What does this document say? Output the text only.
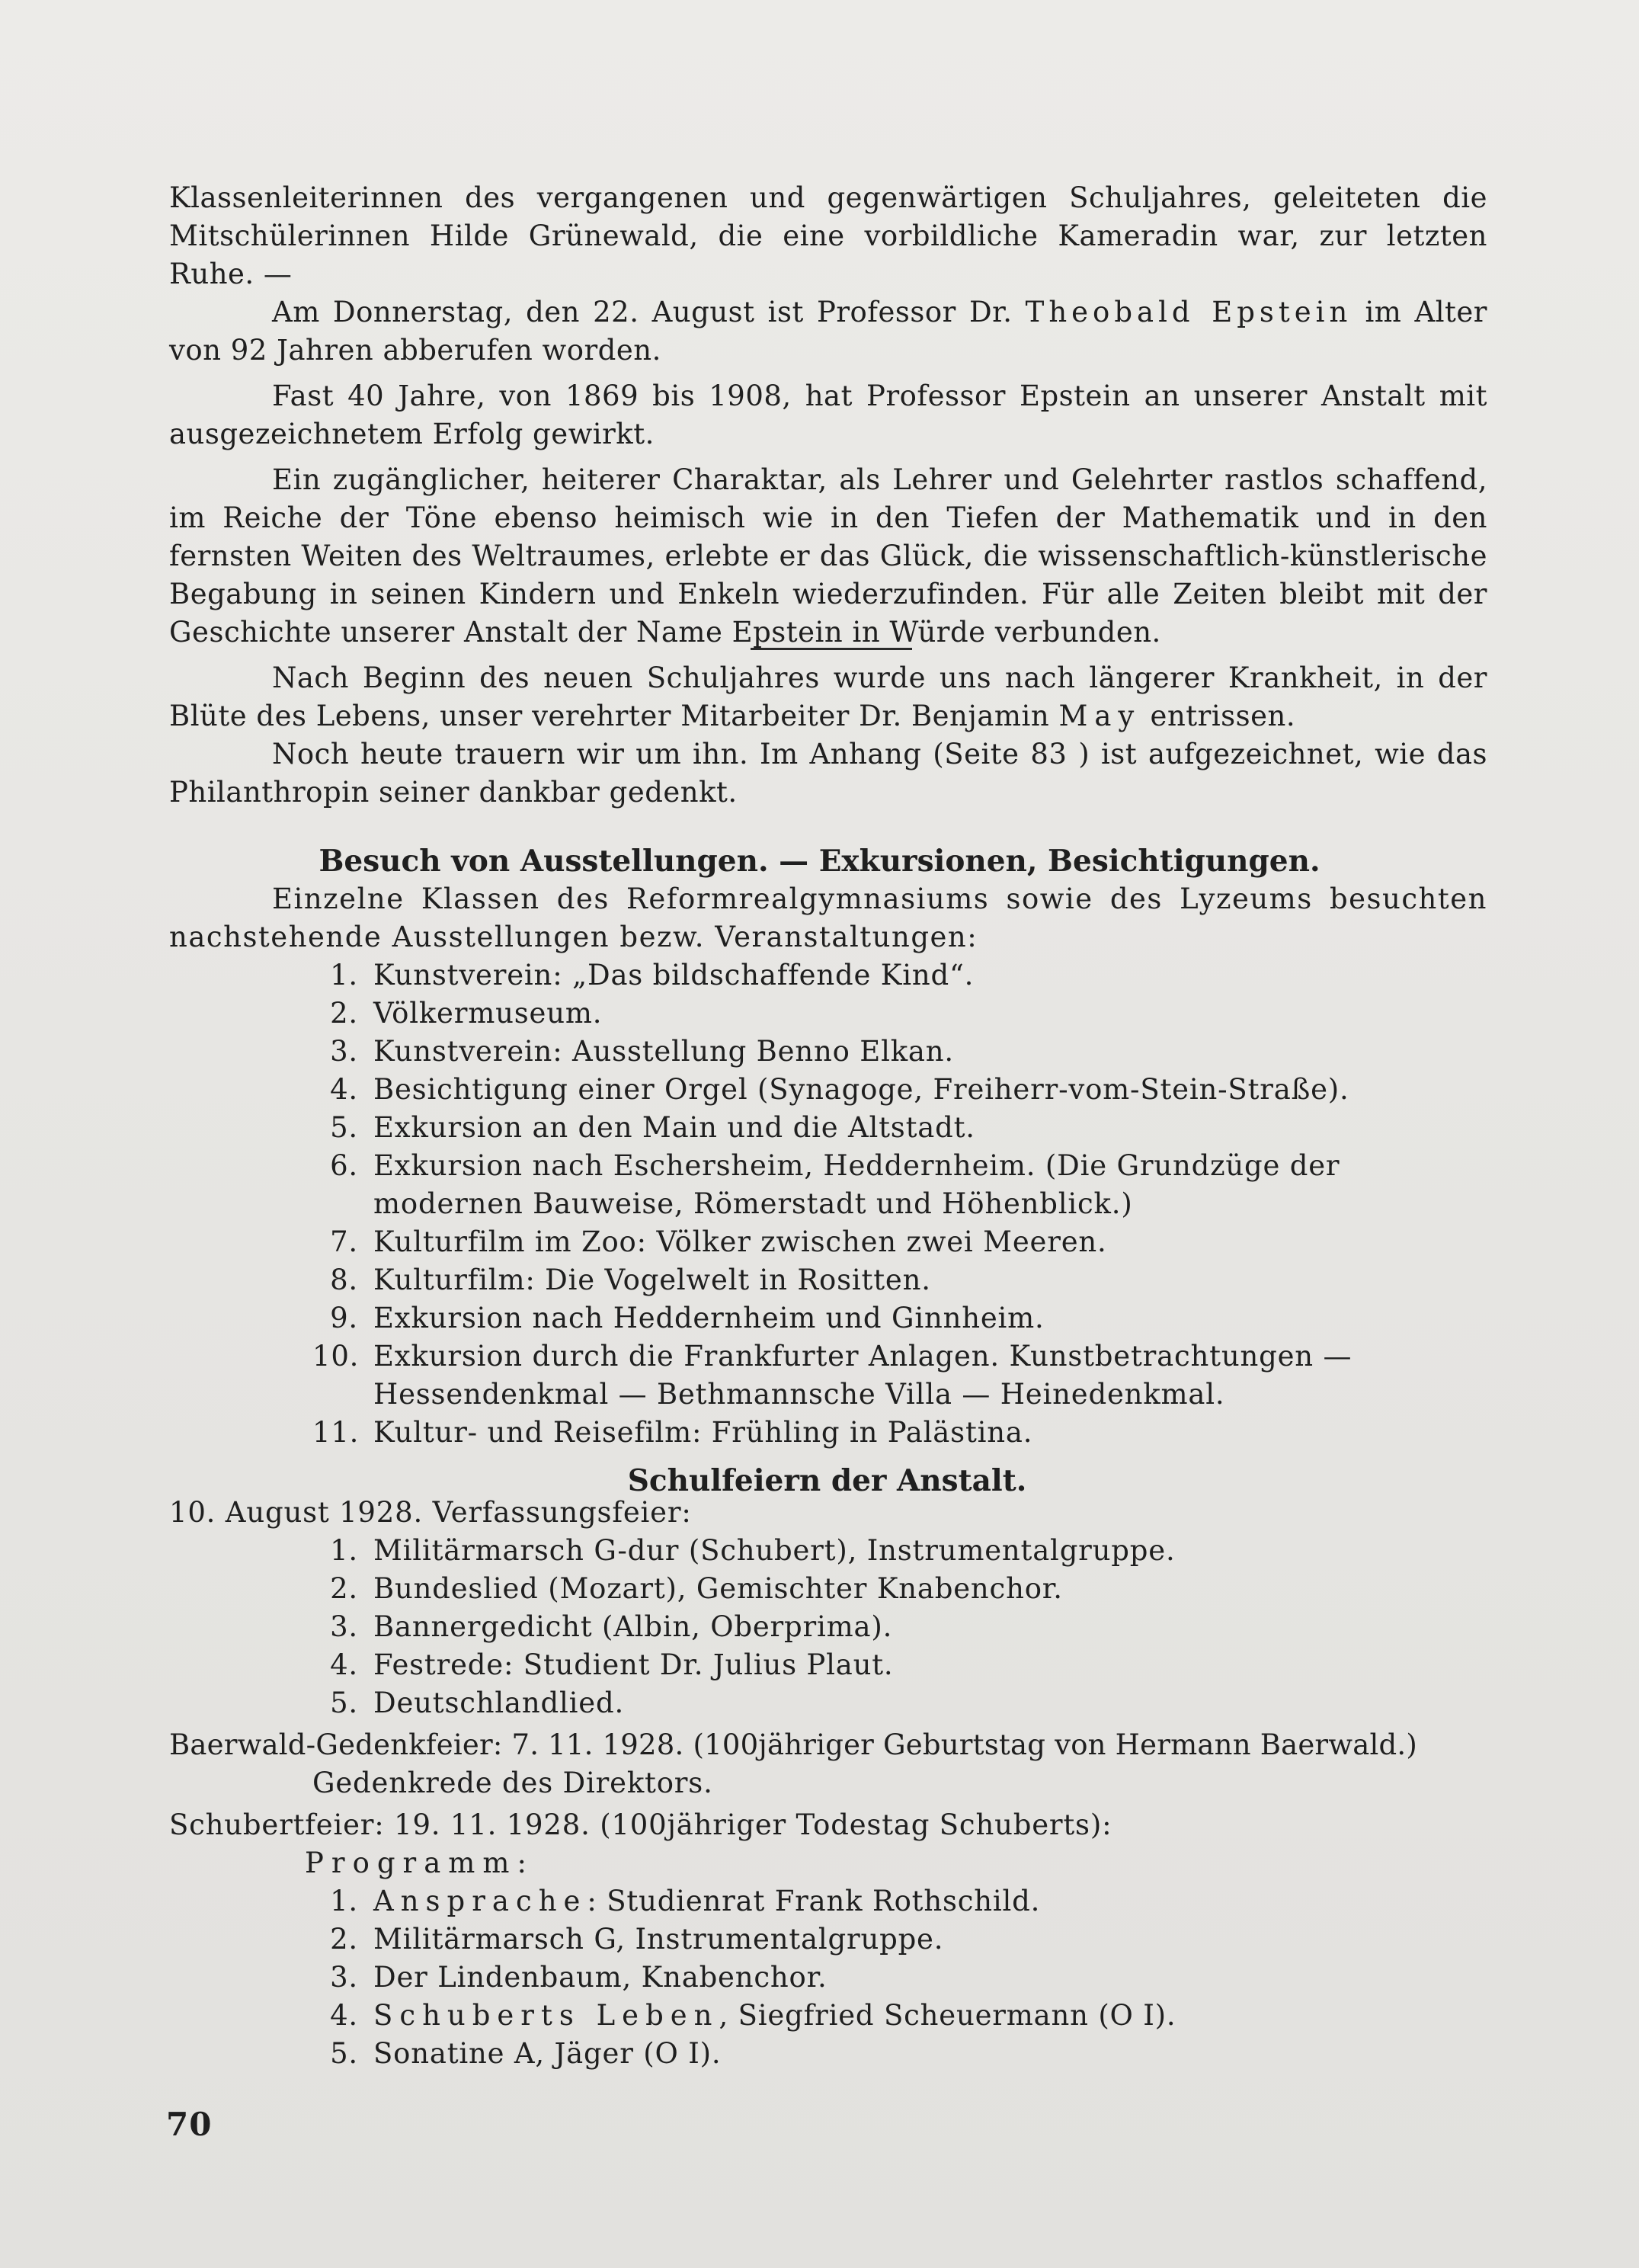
Klassenleiterinnen des vergangenen und gegenwärtigen Schuljahres, geleiteten die Mitschülerinnen Hilde Grünewald, die eine vorbildliche Kameradin war, zur letzten Ruhe. —

Am Donnerstag, den 22. August ist Professor Dr. Theobald Epstein im Alter von 92 Jahren abberufen worden.

Fast 40 Jahre, von 1869 bis 1908, hat Professor Epstein an unserer Anstalt mit ausgezeichnetem Erfolg gewirkt.

Ein zugänglicher, heiterer Charaktar, als Lehrer und Gelehrter rastlos schaffend, im Reiche der Töne ebenso heimisch wie in den Tiefen der Mathematik und in den fernsten Weiten des Weltraumes, erlebte er das Glück, die wissenschaftlich-künstlerische Begabung in seinen Kindern und Enkeln wiederzufinden. Für alle Zeiten bleibt mit der Geschichte unserer Anstalt der Name Epstein in Würde verbunden.

Nach Beginn des neuen Schuljahres wurde uns nach längerer Krankheit, in der Blüte des Lebens, unser verehrter Mitarbeiter Dr. Benjamin May entrissen.

Noch heute trauern wir um ihn. Im Anhang (Seite 83 ) ist aufgezeichnet, wie das Philanthropin seiner dankbar gedenkt.

Besuch von Ausstellungen. — Exkursionen, Besichtigungen.

Einzelne Klassen des Reformrealgymnasiums sowie des Lyzeums besuchten nachstehende Ausstellungen bezw. Veranstaltungen:

1. Kunstverein: „Das bildschaffende Kind“.
2. Völkermuseum.
3. Kunstverein: Ausstellung Benno Elkan.
4. Besichtigung einer Orgel (Synagoge, Freiherr-vom-Stein-Straße).
5. Exkursion an den Main und die Altstadt.
6. Exkursion nach Eschersheim, Heddernheim. (Die Grundzüge der modernen Bauweise, Römerstadt und Höhenblick.)
7. Kulturfilm im Zoo: Völker zwischen zwei Meeren.
8. Kulturfilm: Die Vogelwelt in Rositten.
9. Exkursion nach Heddernheim und Ginnheim.
10. Exkursion durch die Frankfurter Anlagen. Kunstbetrachtungen — Hessendenkmal — Bethmannsche Villa — Heinedenkmal.
11. Kultur- und Reisefilm: Frühling in Palästina.
Schulfeiern der Anstalt.

10. August 1928. Verfassungsfeier:

1. Militärmarsch G-dur (Schubert), Instrumentalgruppe.
2. Bundeslied (Mozart), Gemischter Knabenchor.
3. Bannergedicht (Albin, Oberprima).
4. Festrede: Studient Dr. Julius Plaut.
5. Deutschlandlied.

Baerwald-Gedenkfeier: 7. 11. 1928. (100jähriger Geburtstag von Hermann Baerwald.)

Gedenkrede des Direktors.

Schubertfeier: 19. 11. 1928. (100jähriger Todestag Schuberts):

Programm:

1. Ansprache: Studienrat Frank Rothschild.
2. Militärmarsch G, Instrumentalgruppe.
3. Der Lindenbaum, Knabenchor.
4. Schuberts Leben, Siegfried Scheuermann (O I).
5. Sonatine A, Jäger (O I).
70
